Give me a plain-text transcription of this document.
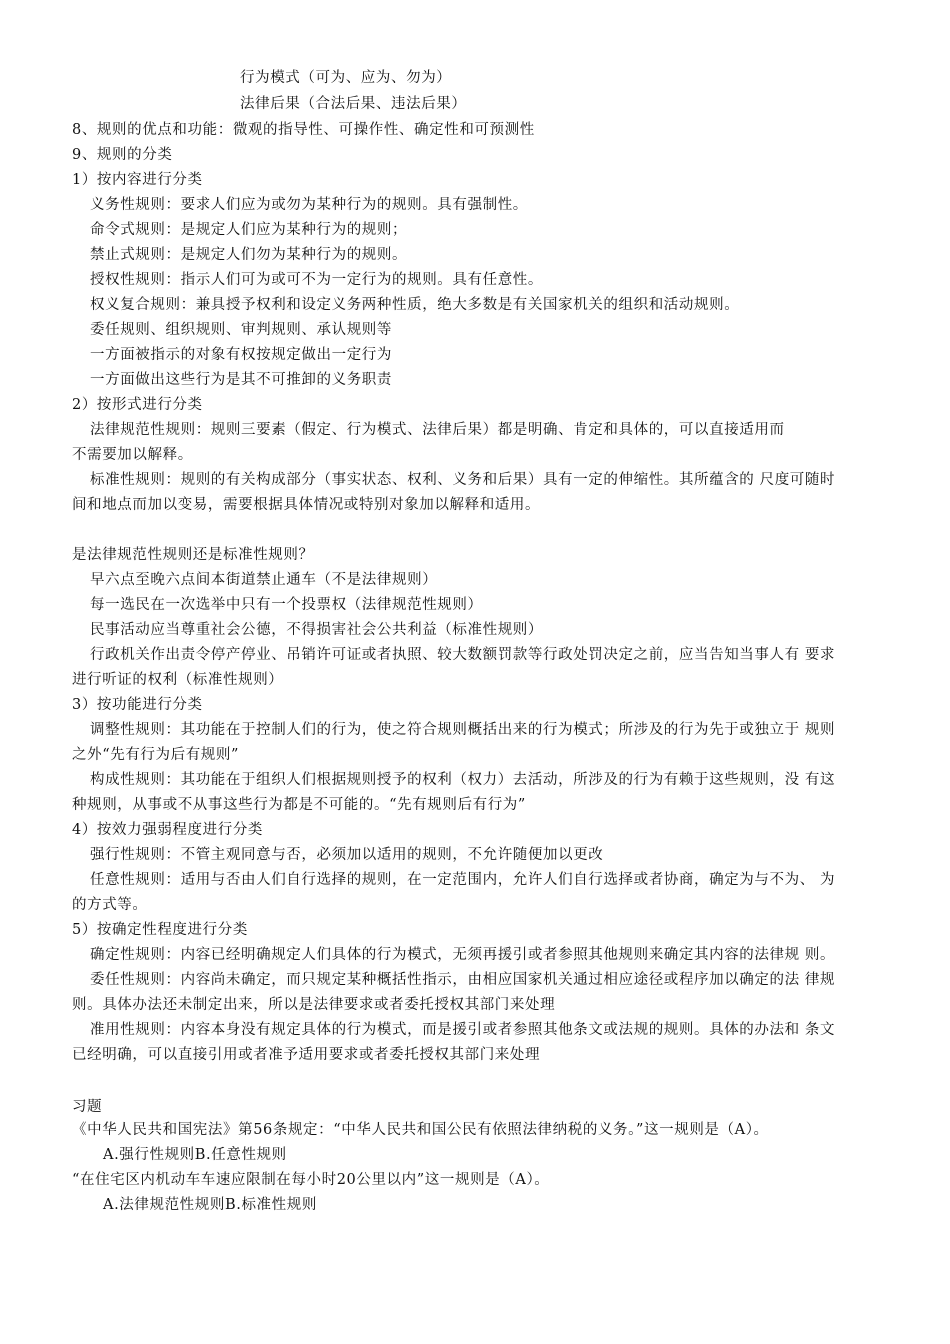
行为模式（可为、应为、勿为）
法律后果（合法后果、违法后果）
8、规则的优点和功能：微观的指导性、可操作性、确定性和可预测性
9、规则的分类
1）按内容进行分类
义务性规则：要求人们应为或勿为某种行为的规则。具有强制性。
命令式规则：是规定人们应为某种行为的规则；
禁止式规则：是规定人们勿为某种行为的规则。
授权性规则：指示人们可为或可不为一定行为的规则。具有任意性。
权义复合规则：兼具授予权利和设定义务两种性质，绝大多数是有关国家机关的组织和活动规则。
委任规则、组织规则、审判规则、承认规则等
一方面被指示的对象有权按规定做出一定行为
一方面做出这些行为是其不可推卸的义务职责
2）按形式进行分类
法律规范性规则：规则三要素（假定、行为模式、法律后果）都是明确、肯定和具体的，可以直接适用而
不需要加以解释。
标准性规则：规则的有关构成部分（事实状态、权利、义务和后果）具有一定的伸缩性。其所蕴含的 尺度可随时
间和地点而加以变易，需要根据具体情况或特别对象加以解释和适用。
是法律规范性规则还是标准性规则？
早六点至晚六点间本街道禁止通车（不是法律规则）
每一选民在一次选举中只有一个投票权（法律规范性规则）
民事活动应当尊重社会公德，不得损害社会公共利益（标准性规则）
行政机关作出责令停产停业、吊销许可证或者执照、较大数额罚款等行政处罚决定之前，应当告知当事人有 要求
进行听证的权利（标准性规则）
3）按功能进行分类
调整性规则：其功能在于控制人们的行为，使之符合规则概括出来的行为模式；所涉及的行为先于或独立于 规则
之外“先有行为后有规则”
构成性规则：其功能在于组织人们根据规则授予的权利（权力）去活动，所涉及的行为有赖于这些规则，没 有这
种规则，从事或不从事这些行为都是不可能的。“先有规则后有行为”
4）按效力强弱程度进行分类
强行性规则：不管主观同意与否，必须加以适用的规则，不允许随便加以更改
任意性规则：适用与否由人们自行选择的规则，在一定范围内，允许人们自行选择或者协商，确定为与不为、 为
的方式等。
5）按确定性程度进行分类
确定性规则：内容已经明确规定人们具体的行为模式，无须再援引或者参照其他规则来确定其内容的法律规 则。
委任性规则：内容尚未确定，而只规定某种概括性指示，由相应国家机关通过相应途径或程序加以确定的法 律规
则。具体办法还未制定出来，所以是法律要求或者委托授权其部门来处理
准用性规则：内容本身没有规定具体的行为模式，而是援引或者参照其他条文或法规的规则。具体的办法和 条文
已经明确，可以直接引用或者准予适用要求或者委托授权其部门来处理
习题
《中华人民共和国宪法》第56条规定：“中华人民共和国公民有依照法律纳税的义务。”这一规则是（A）。
A.强行性规则B.任意性规则
“在住宅区内机动车车速应限制在每小时20公里以内”这一规则是（A）。
A.法律规范性规则B.标准性规则
